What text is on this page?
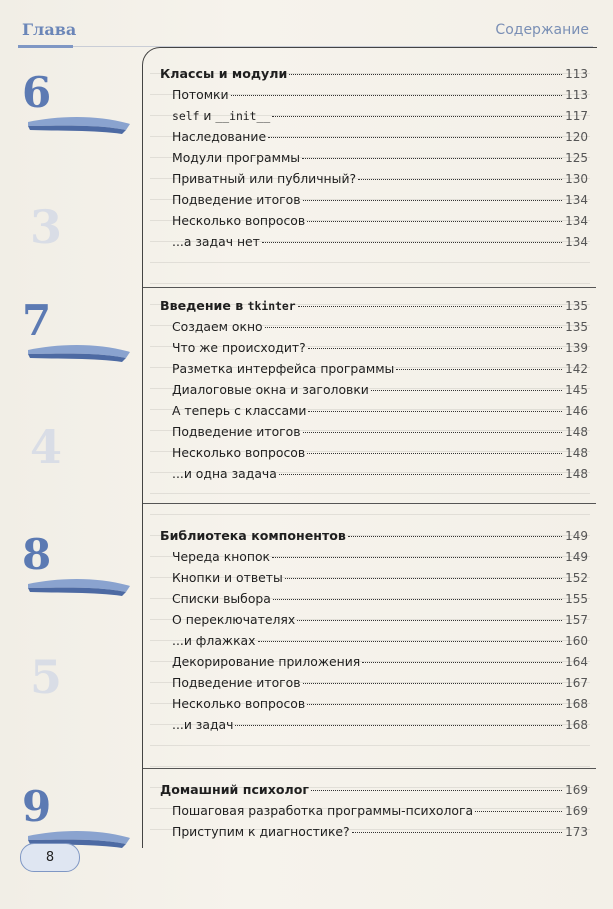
Глава	Содержание
3
4
5
6
7
8
9
Классы и модули	113
Потомки	113
self и __init__	117
Наследование	120
Модули программы	125
Приватный или публичный?	130
Подведение итогов	134
Несколько вопросов	134
...а задач нет	134
Введение в tkinter	135
Создаем окно	135
Что же происходит?	139
Разметка интерфейса программы	142
Диалоговые окна и заголовки	145
А теперь с классами	146
Подведение итогов	148
Несколько вопросов	148
...и одна задача	148
Библиотека компонентов	149
Череда кнопок	149
Кнопки и ответы	152
Списки выбора	155
О переключателях	157
...и флажках	160
Декорирование приложения	164
Подведение итогов	167
Несколько вопросов	168
...и задач	168
Домашний психолог	169
Пошаговая разработка программы-психолога	169
Приступим к диагностике?	173
8
